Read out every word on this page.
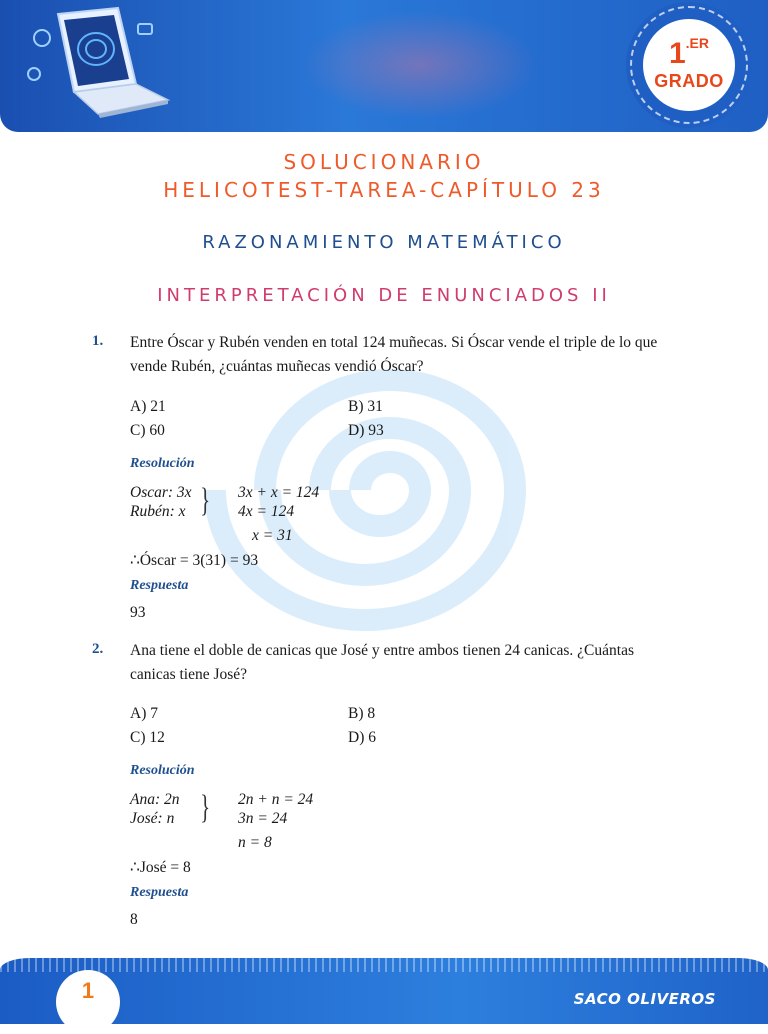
1.ER
GRADO
SOLUCIONARIO
HELICOTEST-TAREA-CAPÍTULO 23
RAZONAMIENTO MATEMÁTICO
INTERPRETACIÓN DE ENUNCIADOS II
1. Entre Óscar y Rubén venden en total 124 muñecas. Si Óscar vende el triple de lo que vende Rubén, ¿cuántas muñecas vendió Óscar?
A) 21	B) 31
C) 60	D) 93
Resolución
Oscar: 3x
Rubén: x } 3x + x = 124
4x = 124
x = 31
∴Óscar = 3(31) = 93
Respuesta
93
2. Ana tiene el doble de canicas que José y entre ambos tienen 24 canicas. ¿Cuántas canicas tiene José?
A) 7	B) 8
C) 12	D) 6
Resolución
Ana: 2n
José: n } 2n + n = 24
3n = 24
n = 8
∴José = 8
Respuesta
8
1	SACO OLIVEROS
